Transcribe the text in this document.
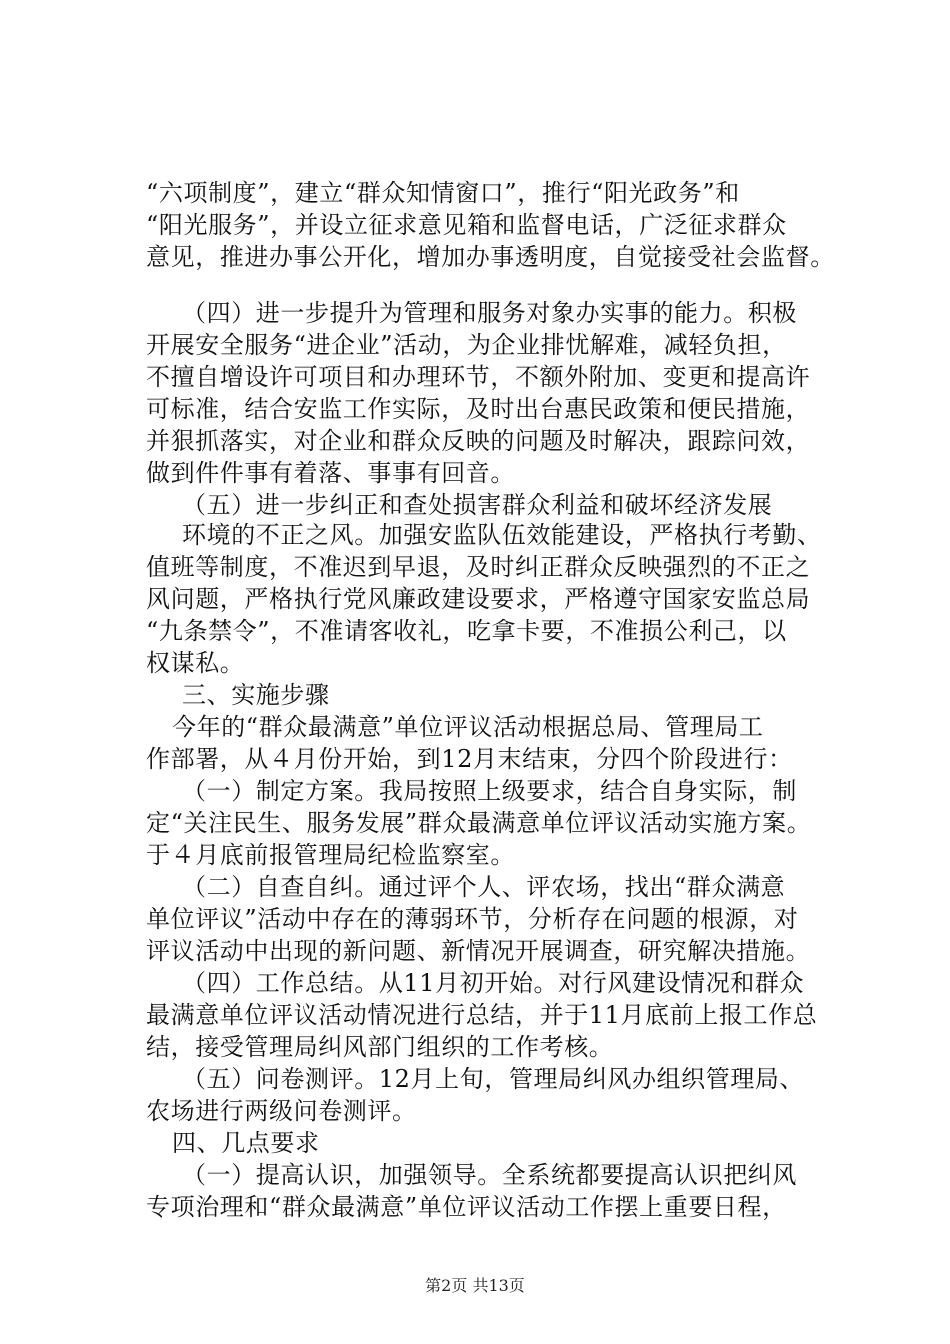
“六项制度”，建立“群众知情窗口”，推行“阳光政务”和
“阳光服务”，并设立征求意见箱和监督电话，广泛征求群众
意见，推进办事公开化，增加办事透明度，自觉接受社会监督。
（四）进一步提升为管理和服务对象办实事的能力。积极
开展安全服务“进企业”活动，为企业排忧解难，减轻负担，
不擅自增设许可项目和办理环节，不额外附加、变更和提高许
可标准，结合安监工作实际，及时出台惠民政策和便民措施，
并狠抓落实，对企业和群众反映的问题及时解决，跟踪问效，
做到件件事有着落、事事有回音。
（五）进一步纠正和查处损害群众利益和破坏经济发展
环境的不正之风。加强安监队伍效能建设，严格执行考勤、
值班等制度，不准迟到早退，及时纠正群众反映强烈的不正之
风问题，严格执行党风廉政建设要求，严格遵守国家安监总局
“九条禁令”，不准请客收礼，吃拿卡要，不准损公利己，以
权谋私。
三、实施步骤
今年的“群众最满意”单位评议活动根据总局、管理局工
作部署，从４月份开始，到12月末结束，分四个阶段进行：
（一）制定方案。我局按照上级要求，结合自身实际，制
定“关注民生、服务发展”群众最满意单位评议活动实施方案。
于４月底前报管理局纪检监察室。
（二）自查自纠。通过评个人、评农场，找出“群众满意
单位评议”活动中存在的薄弱环节，分析存在问题的根源，对
评议活动中出现的新问题、新情况开展调查，研究解决措施。
（四）工作总结。从11月初开始。对行风建设情况和群众
最满意单位评议活动情况进行总结，并于11月底前上报工作总
结，接受管理局纠风部门组织的工作考核。
（五）问卷测评。12月上旬，管理局纠风办组织管理局、
农场进行两级问卷测评。
四、几点要求
（一）提高认识，加强领导。全系统都要提高认识把纠风
专项治理和“群众最满意”单位评议活动工作摆上重要日程，
第2页 共13页
